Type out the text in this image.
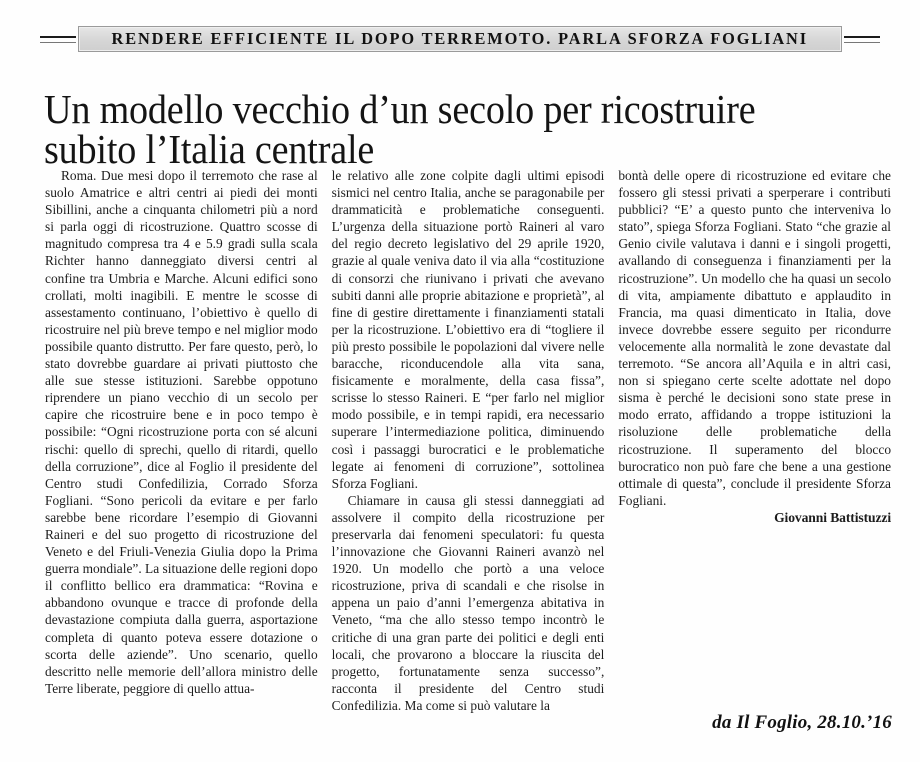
RENDERE EFFICIENTE IL DOPO TERREMOTO. PARLA SFORZA FOGLIANI
Un modello vecchio d’un secolo per ricostruire subito l’Italia centrale

Roma. Due mesi dopo il terremoto che rase al suolo Amatrice e altri centri ai piedi dei monti Sibillini, anche a cinquanta chilometri più a nord si parla oggi di ricostruzione. Quattro scosse di magnitudo compresa tra 4 e 5.9 gradi sulla scala Richter hanno danneggiato diversi centri al confine tra Umbria e Marche. Alcuni edifici sono crollati, molti inagibili. E mentre le scosse di assestamento continuano, l’obiettivo è quello di ricostruire nel più breve tempo e nel miglior modo possibile quanto distrutto. Per fare questo, però, lo stato dovrebbe guardare ai privati piuttosto che alle sue stesse istituzioni. Sarebbe oppotuno riprendere un piano vecchio di un secolo per capire che ricostruire bene e in poco tempo è possibile: “Ogni ricostruzione porta con sé alcuni rischi: quello di sprechi, quello di ritardi, quello della corruzione”, dice al Foglio il presidente del Centro studi Confedilizia, Corrado Sforza Fogliani. “Sono pericoli da evitare e per farlo sarebbe bene ricordare l’esempio di Giovanni Raineri e del suo progetto di ricostruzione del Veneto e del Friuli-Venezia Giulia dopo la Prima guerra mondiale”. La situazione delle regioni dopo il conflitto bellico era drammatica: “Rovina e abbandono ovunque e tracce di profonde della devastazione compiuta dalla guerra, asportazione completa di quanto poteva essere dotazione o scorta delle aziende”. Uno scenario, quello descritto nelle memorie dell’allora ministro delle Terre liberate, peggiore di quello attua-

le relativo alle zone colpite dagli ultimi episodi sismici nel centro Italia, anche se paragonabile per drammaticità e problematiche conseguenti. L’urgenza della situazione portò Raineri al varo del regio decreto legislativo del 29 aprile 1920, grazie al quale veniva dato il via alla “costituzione di consorzi che riunivano i privati che avevano subiti danni alle proprie abitazione e proprietà”, al fine di gestire direttamente i finanziamenti statali per la ricostruzione. L’obiettivo era di “togliere il più presto possibile le popolazioni dal vivere nelle baracche, riconducendole alla vita sana, fisicamente e moralmente, della casa fissa”, scrisse lo stesso Raineri. E “per farlo nel miglior modo possibile, e in tempi rapidi, era necessario superare l’intermediazione politica, diminuendo così i passaggi burocratici e le problematiche legate ai fenomeni di corruzione”, sottolinea Sforza Fogliani.

Chiamare in causa gli stessi danneggiati ad assolvere il compito della ricostruzione per preservarla dai fenomeni speculatori: fu questa l’innovazione che Giovanni Raineri avanzò nel 1920. Un modello che portò a una veloce ricostruzione, priva di scandali e che risolse in appena un paio d’anni l’emergenza abitativa in Veneto, “ma che allo stesso tempo incontrò le critiche di una gran parte dei politici e degli enti locali, che provarono a bloccare la riuscita del progetto, fortunatamente senza successo”, racconta il presidente del Centro studi Confedilizia. Ma come si può valutare la

bontà delle opere di ricostruzione ed evitare che fossero gli stessi privati a sperperare i contributi pubblici? “E’ a questo punto che interveniva lo stato”, spiega Sforza Fogliani. Stato “che grazie al Genio civile valutava i danni e i singoli progetti, avallando di conseguenza i finanziamenti per la ricostruzione”. Un modello che ha quasi un secolo di vita, ampiamente dibattuto e applaudito in Francia, ma quasi dimenticato in Italia, dove invece dovrebbe essere seguito per ricondurre velocemente alla normalità le zone devastate dal terremoto. “Se ancora all’Aquila e in altri casi, non si spiegano certe scelte adottate nel dopo sisma è perché le decisioni sono state prese in modo errato, affidando a troppe istituzioni la risoluzione delle problematiche della ricostruzione. Il superamento del blocco burocratico non può fare che bene a una gestione ottimale di questa”, conclude il presidente Sforza Fogliani.

Giovanni Battistuzzi

da Il Foglio, 28.10.’16
